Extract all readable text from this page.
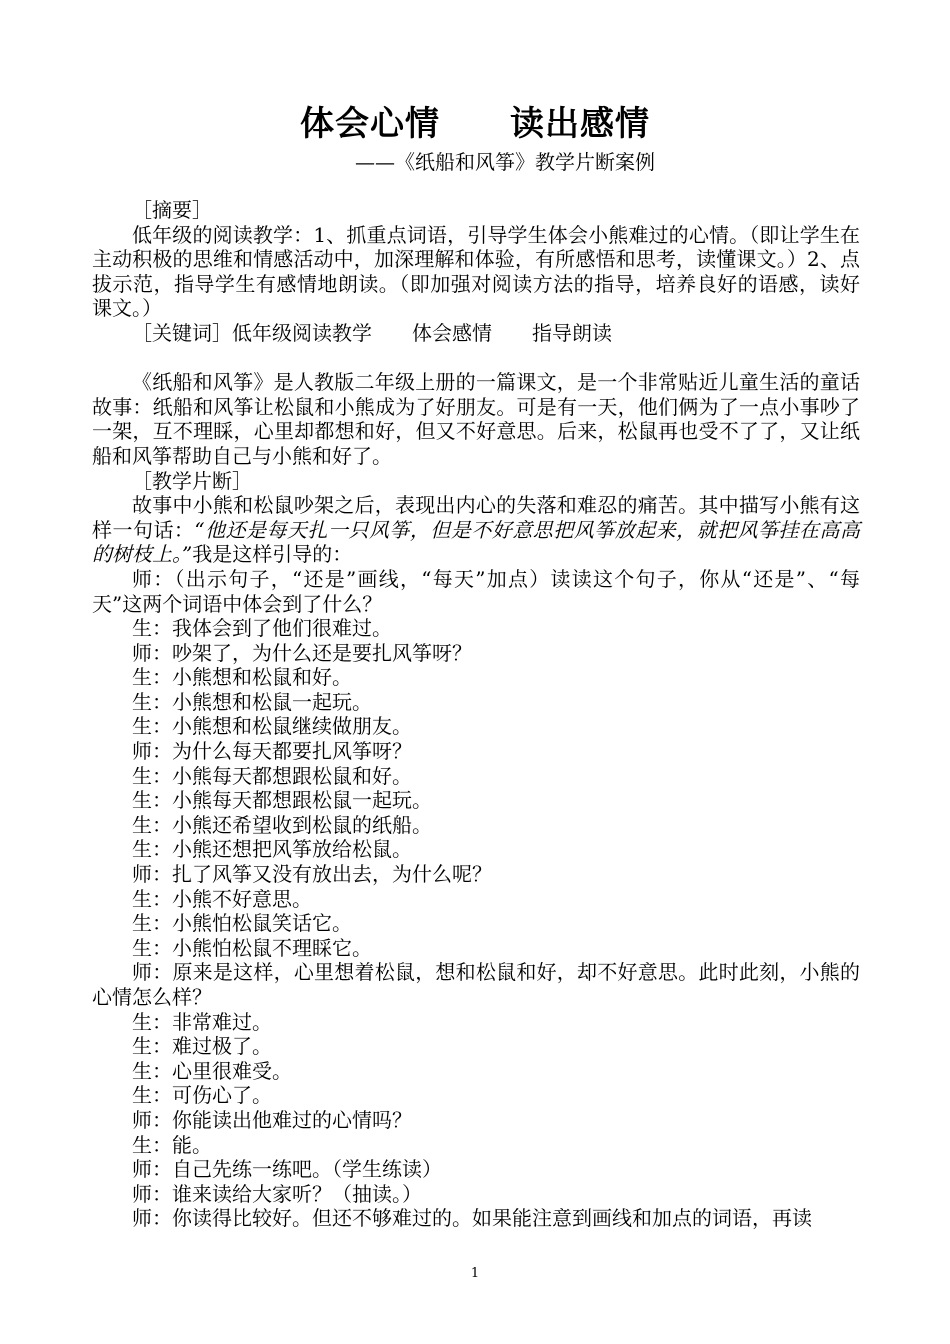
体会心情　　读出感情
——《纸船和风筝》教学片断案例

［摘要］

低年级的阅读教学：1、抓重点词语，引导学生体会小熊难过的心情。（即让学生在主动积极的思维和情感活动中，加深理解和体验，有所感悟和思考，读懂课文。）2、点拔示范，指导学生有感情地朗读。（即加强对阅读方法的指导，培养良好的语感，读好课文。）

［关键词］低年级阅读教学　　体会感情　　指导朗读

《纸船和风筝》是人教版二年级上册的一篇课文，是一个非常贴近儿童生活的童话故事：纸船和风筝让松鼠和小熊成为了好朋友。可是有一天，他们俩为了一点小事吵了一架，互不理睬，心里却都想和好，但又不好意思。后来，松鼠再也受不了了，又让纸船和风筝帮助自己与小熊和好了。

［教学片断］

故事中小熊和松鼠吵架之后，表现出内心的失落和难忍的痛苦。其中描写小熊有这样一句话：“他还是每天扎一只风筝，但是不好意思把风筝放起来，就把风筝挂在高高的树枝上。”我是这样引导的：

师：（出示句子，“还是”画线，“每天”加点）读读这个句子，你从“还是”、“每天”这两个词语中体会到了什么？

生：我体会到了他们很难过。

师：吵架了，为什么还是要扎风筝呀？

生：小熊想和松鼠和好。

生：小熊想和松鼠一起玩。

生：小熊想和松鼠继续做朋友。

师：为什么每天都要扎风筝呀？

生：小熊每天都想跟松鼠和好。

生：小熊每天都想跟松鼠一起玩。

生：小熊还希望收到松鼠的纸船。

生：小熊还想把风筝放给松鼠。

师：扎了风筝又没有放出去，为什么呢？

生：小熊不好意思。

生：小熊怕松鼠笑话它。

生：小熊怕松鼠不理睬它。

师：原来是这样，心里想着松鼠，想和松鼠和好，却不好意思。此时此刻，小熊的心情怎么样？

生：非常难过。

生：难过极了。

生：心里很难受。

生：可伤心了。

师：你能读出他难过的心情吗？

生：能。

师：自己先练一练吧。（学生练读）

师：谁来读给大家听？（抽读。）

师：你读得比较好。但还不够难过的。如果能注意到画线和加点的词语，再读

1
